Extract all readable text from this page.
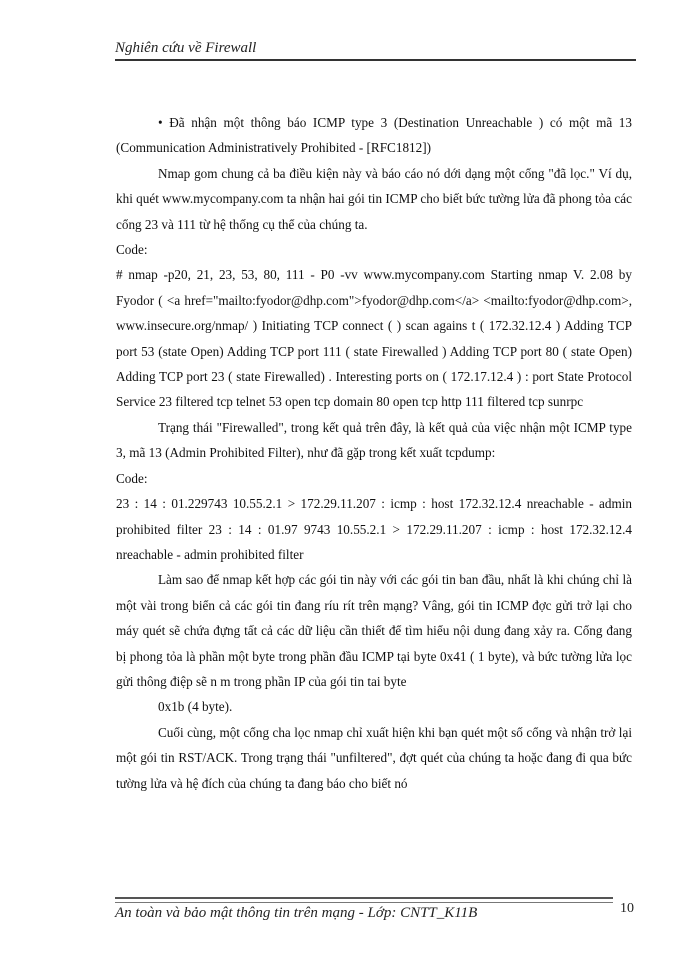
Nghiên cứu về Firewall

• Đã nhận một thông báo ICMP type 3 (Destination Unreachable ) có một mã 13 (Communication Administratively Prohibited - [RFC1812])

Nmap gom chung cả ba điều kiện này và báo cáo nó dới dạng một cổng "đã lọc." Ví dụ, khi quét www.mycompany.com ta nhận hai gói tin ICMP cho biết bức tường lửa đã phong tỏa các cổng 23 và 111 từ hệ thống cụ thể của chúng ta.

Code:

# nmap -p20, 21, 23, 53, 80, 111 - P0 -vv www.mycompany.com Starting nmap V. 2.08 by Fyodor ( <a href="mailto:fyodor@dhp.com">fyodor@dhp.com</a> <mailto:fyodor@dhp.com>, www.insecure.org/nmap/ ) Initiating TCP connect ( ) scan agains t ( 172.32.12.4 ) Adding TCP port 53 (state Open) Adding TCP port 111 ( state Firewalled ) Adding TCP port 80 ( state Open) Adding TCP port 23 ( state Firewalled) . Interesting ports on ( 172.17.12.4 ) : port State Protocol Service 23 filtered tcp telnet 53 open tcp domain 80 open tcp http 111 filtered tcp sunrpc

Trạng thái "Firewalled", trong kết quả trên đây, là kết quả của việc nhận một ICMP type 3, mã 13 (Admin Prohibited Filter), như đã gặp trong kết xuất tcpdump:

Code:

23 : 14 : 01.229743 10.55.2.1 > 172.29.11.207 : icmp : host 172.32.12.4 nreachable - admin prohibited filter 23 : 14 : 01.97 9743 10.55.2.1 > 172.29.11.207 : icmp : host 172.32.12.4 nreachable - admin prohibited filter

Làm sao để nmap kết hợp các gói tin này với các gói tin ban đầu, nhất là khi chúng chỉ là một vài trong biển cả các gói tin đang ríu rít trên mạng? Vâng, gói tin ICMP đợc gửi trở lại cho máy quét sẽ chứa đựng tất cả các dữ liệu cần thiết để tìm hiểu nội dung đang xảy ra. Cổng đang bị phong tỏa là phần một byte trong phần đầu ICMP tại byte 0x41 ( 1 byte), và bức tường lửa lọc gửi thông điệp sẽ n m trong phần IP của gói tin tai byte

0x1b (4 byte).

Cuối cùng, một cổng cha lọc nmap chỉ xuất hiện khi bạn quét một số cổng và nhận trở lại một gói tin RST/ACK. Trong trạng thái "unfiltered", đợt quét của chúng ta hoặc đang đi qua bức tường lửa và hệ đích của chúng ta đang báo cho biết nó

An toàn và bảo mật thông tin trên mạng - Lớp: CNTT_K11B	10
